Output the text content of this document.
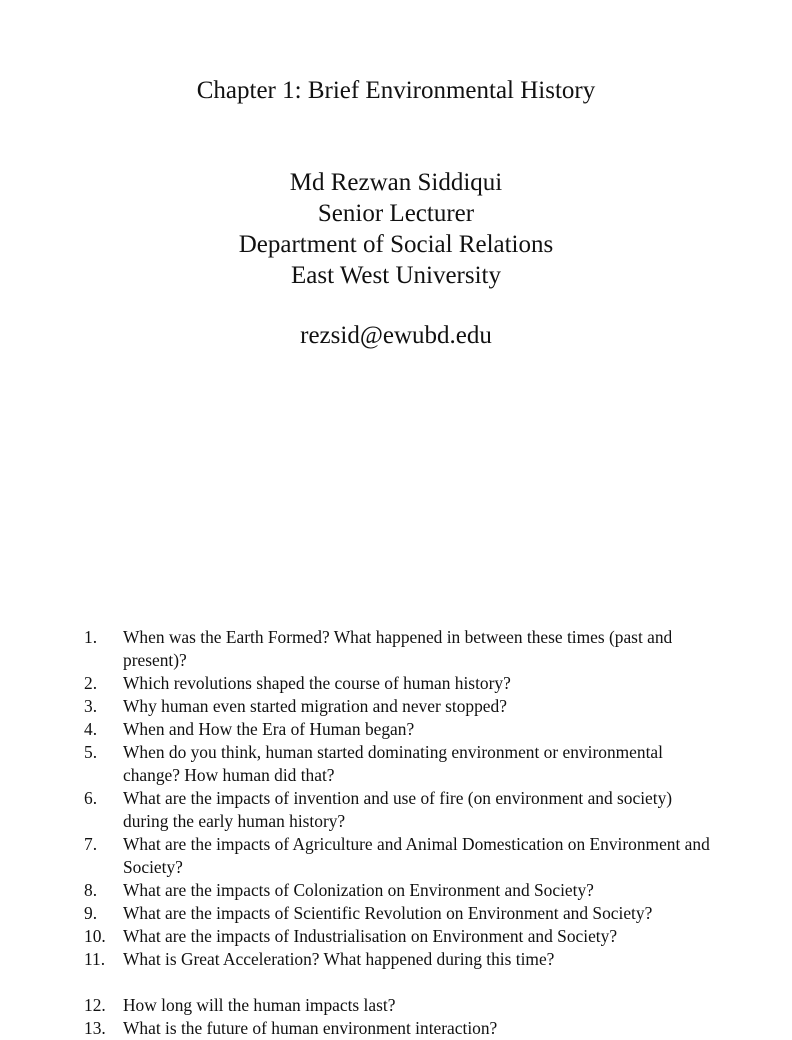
Chapter 1: Brief Environmental History
Md Rezwan Siddiqui
Senior Lecturer
Department of Social Relations
East West University
rezsid@ewubd.edu
1. When was the Earth Formed? What happened in between these times (past and present)?
2. Which revolutions shaped the course of human history?
3. Why human even started migration and never stopped?
4. When and How the Era of Human began?
5. When do you think, human started dominating environment or environmental change? How human did that?
6. What are the impacts of invention and use of fire (on environment and society) during the early human history?
7. What are the impacts of Agriculture and Animal Domestication on Environment and Society?
8. What are the impacts of Colonization on Environment and Society?
9. What are the impacts of Scientific Revolution on Environment and Society?
10. What are the impacts of Industrialisation on Environment and Society?
11. What is Great Acceleration? What happened during this time?
12. How long will the human impacts last?
13. What is the future of human environment interaction?
